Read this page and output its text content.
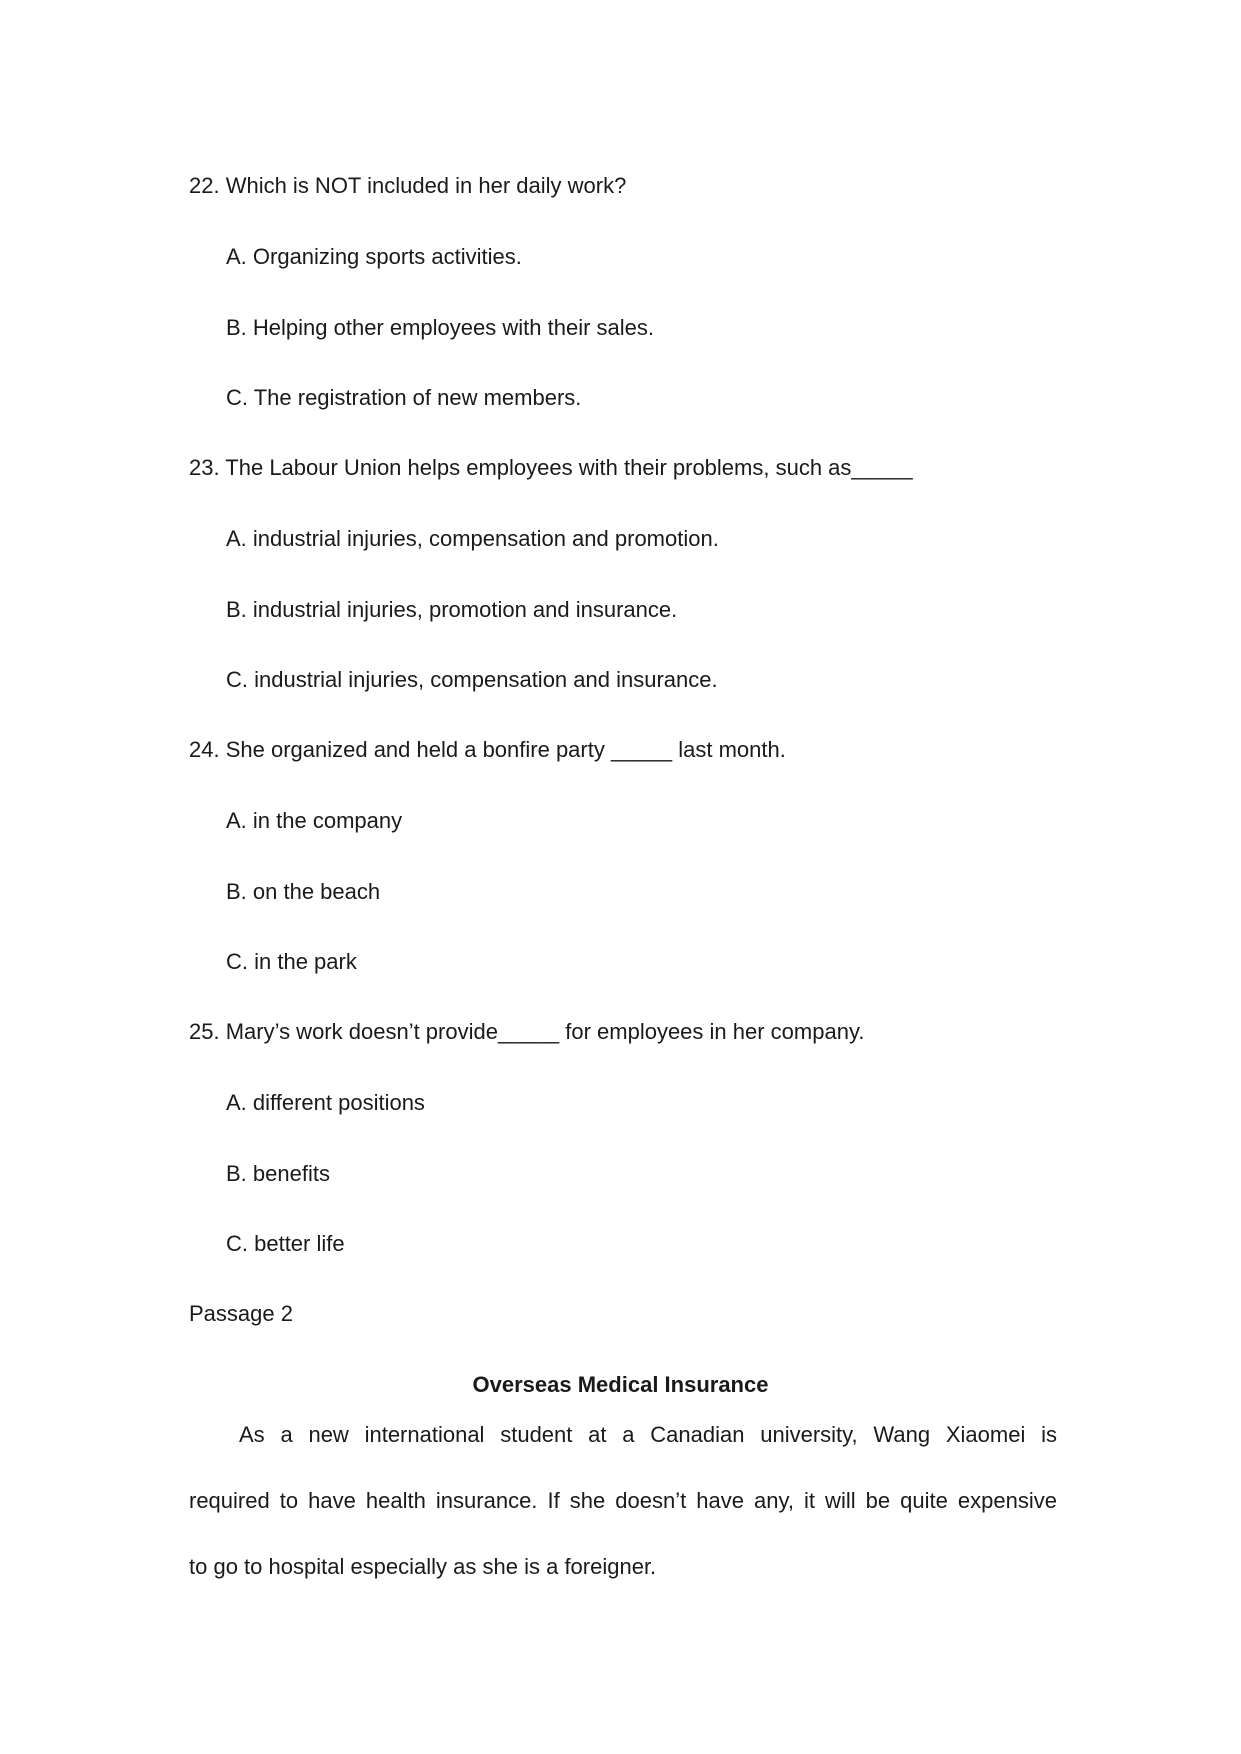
22. Which is NOT included in her daily work?
A. Organizing sports activities.
B. Helping other employees with their sales.
C. The registration of new members.
23. The Labour Union helps employees with their problems, such as_____
A. industrial injuries, compensation and promotion.
B. industrial injuries, promotion and insurance.
C. industrial injuries, compensation and insurance.
24. She organized and held a bonfire party _____ last month.
A. in the company
B. on the beach
C. in the park
25. Mary’s work doesn’t provide_____ for employees in her company.
A. different positions
B. benefits
C. better life
Passage 2
Overseas Medical Insurance
As a new international student at a Canadian university, Wang Xiaomei is
required to have health insurance. If she doesn’t have any, it will be quite expensive
to go to hospital especially as she is a foreigner.
